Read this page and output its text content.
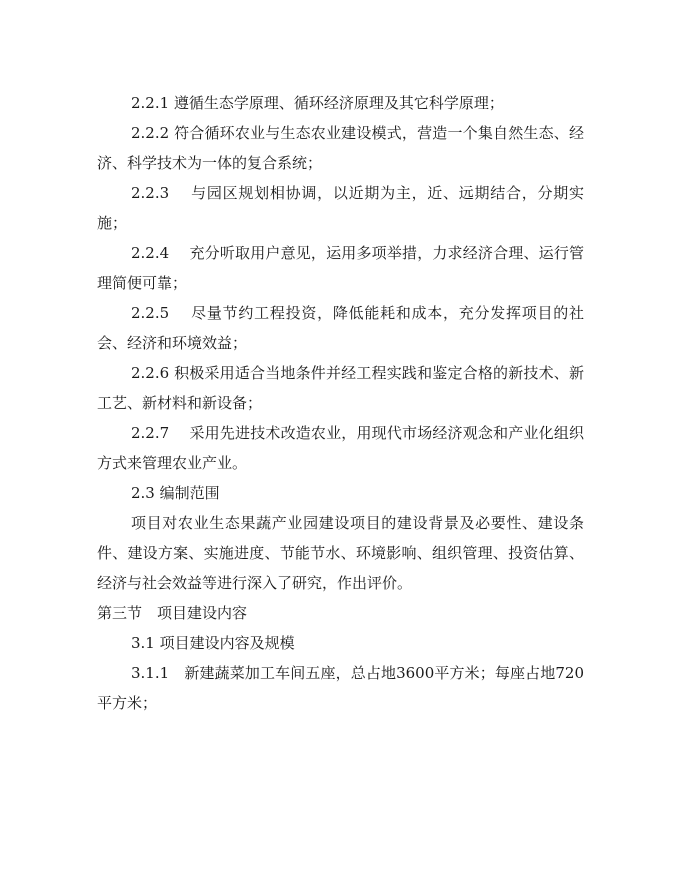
2.2.1 遵循生态学原理、循环经济原理及其它科学原理；

2.2.2 符合循环农业与生态农业建设模式，营造一个集自然生态、经济、科学技术为一体的复合系统；

2.2.3　 与园区规划相协调，以近期为主，近、远期结合，分期实施；

2.2.4　 充分听取用户意见，运用多项举措，力求经济合理、运行管理简便可靠；

2.2.5　 尽量节约工程投资，降低能耗和成本，充分发挥项目的社会、经济和环境效益；

2.2.6 积极采用适合当地条件并经工程实践和鉴定合格的新技术、新工艺、新材料和新设备；

2.2.7　 采用先进技术改造农业，用现代市场经济观念和产业化组织方式来管理农业产业。

2.3 编制范围

项目对农业生态果蔬产业园建设项目的建设背景及必要性、建设条件、建设方案、实施进度、节能节水、环境影响、组织管理、投资估算、经济与社会效益等进行深入了研究，作出评价。

第三节　项目建设内容

3.1 项目建设内容及规模

3.1.1　新建蔬菜加工车间五座，总占地3600平方米；每座占地720平方米；
